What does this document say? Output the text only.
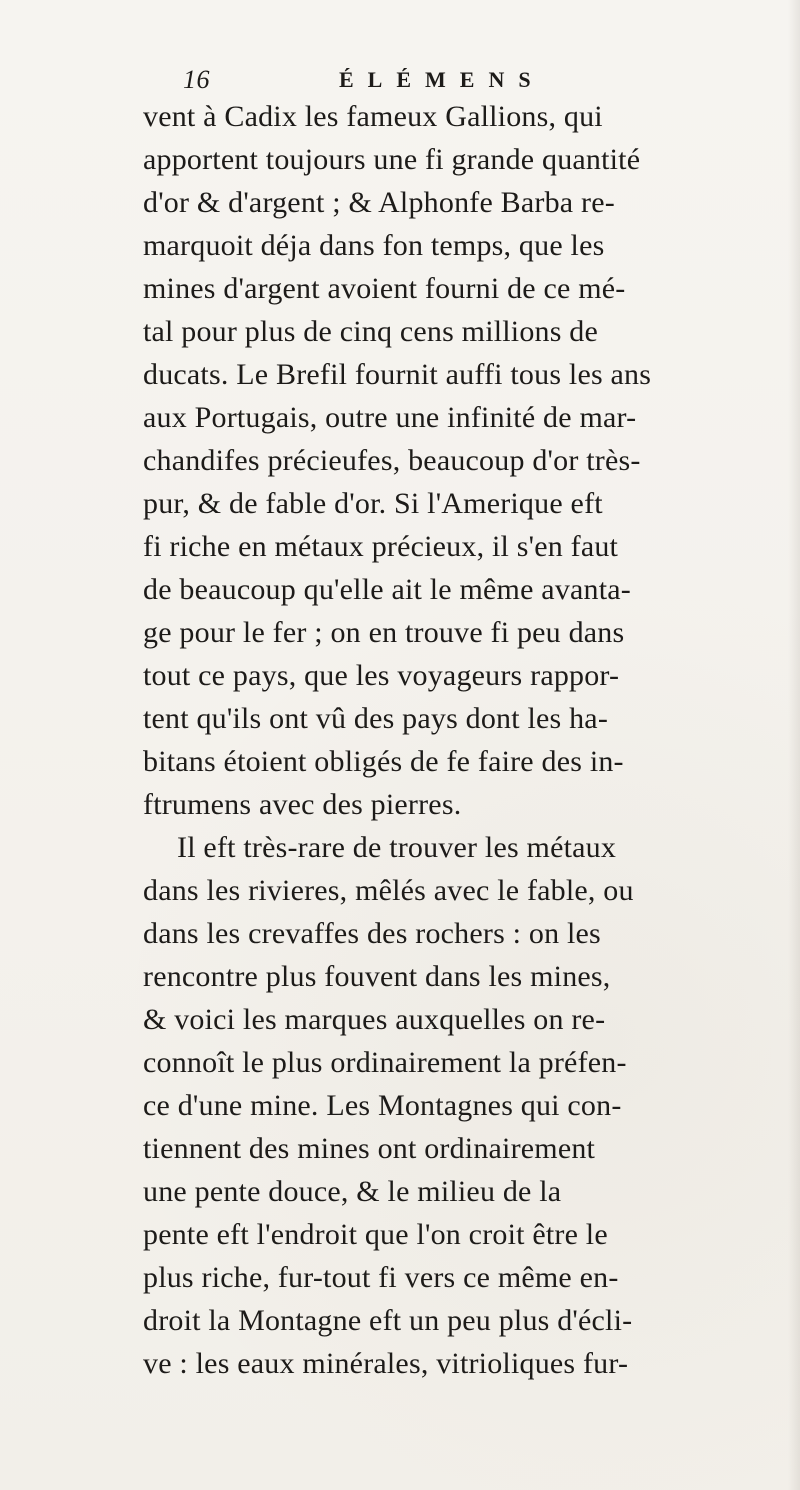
16	ÉLÉMENS
vent à Cadix les fameux Gallions, qui
apportent toujours une fi grande quantité
d'or & d'argent ; & Alphonfe Barba re-
marquoit déja dans fon temps, que les
mines d'argent avoient fourni de ce mé-
tal pour plus de cinq cens millions de
ducats. Le Brefil fournit auffi tous les ans
aux Portugais, outre une infinité de mar-
chandifes précieufes, beaucoup d'or très-
pur, & de fable d'or. Si l'Amerique eft
fi riche en métaux précieux, il s'en faut
de beaucoup qu'elle ait le même avanta-
ge pour le fer ; on en trouve fi peu dans
tout ce pays, que les voyageurs rappor-
tent qu'ils ont vû des pays dont les ha-
bitans étoient obligés de fe faire des in-
ftrumens avec des pierres.
Il eft très-rare de trouver les métaux
dans les rivieres, mêlés avec le fable, ou
dans les crevaffes des rochers : on les
rencontre plus fouvent dans les mines,
& voici les marques auxquelles on re-
connoît le plus ordinairement la préfen-
ce d'une mine. Les Montagnes qui con-
tiennent des mines ont ordinairement
une pente douce, & le milieu de la
pente eft l'endroit que l'on croit être le
plus riche, fur-tout fi vers ce même en-
droit la Montagne eft un peu plus d'écli-
ve : les eaux minérales, vitrioliques fur-
